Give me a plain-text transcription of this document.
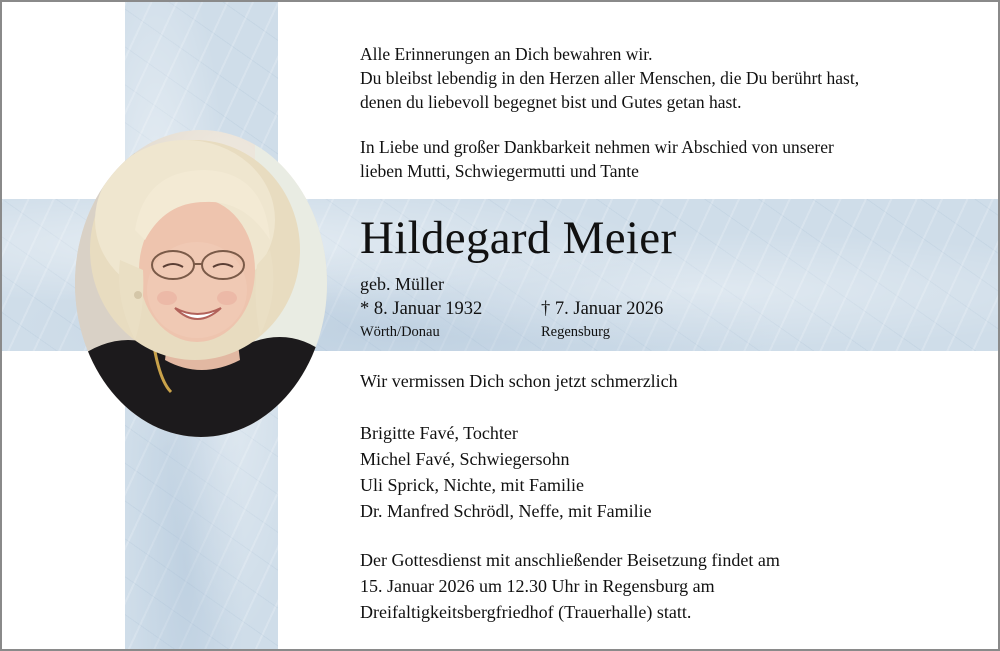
Alle Erinnerungen an Dich bewahren wir.
Du bleibst lebendig in den Herzen aller Menschen, die Du berührt hast,
denen du liebevoll begegnet bist und Gutes getan hast.
In Liebe und großer Dankbarkeit nehmen wir Abschied von unserer
lieben Mutti, Schwiegermutti und Tante
Hildegard Meier
geb. Müller
* 8. Januar 1932	† 7. Januar 2026
Wörth/Donau	Regensburg
Wir vermissen Dich schon jetzt schmerzlich
Brigitte Favé, Tochter
Michel Favé, Schwiegersohn
Uli Sprick, Nichte, mit Familie
Dr. Manfred Schrödl, Neffe, mit Familie
Der Gottesdienst mit anschließender Beisetzung findet am
15. Januar 2026 um 12.30 Uhr in Regensburg am
Dreifaltigkeitsbergfriedhof (Trauerhalle) statt.
